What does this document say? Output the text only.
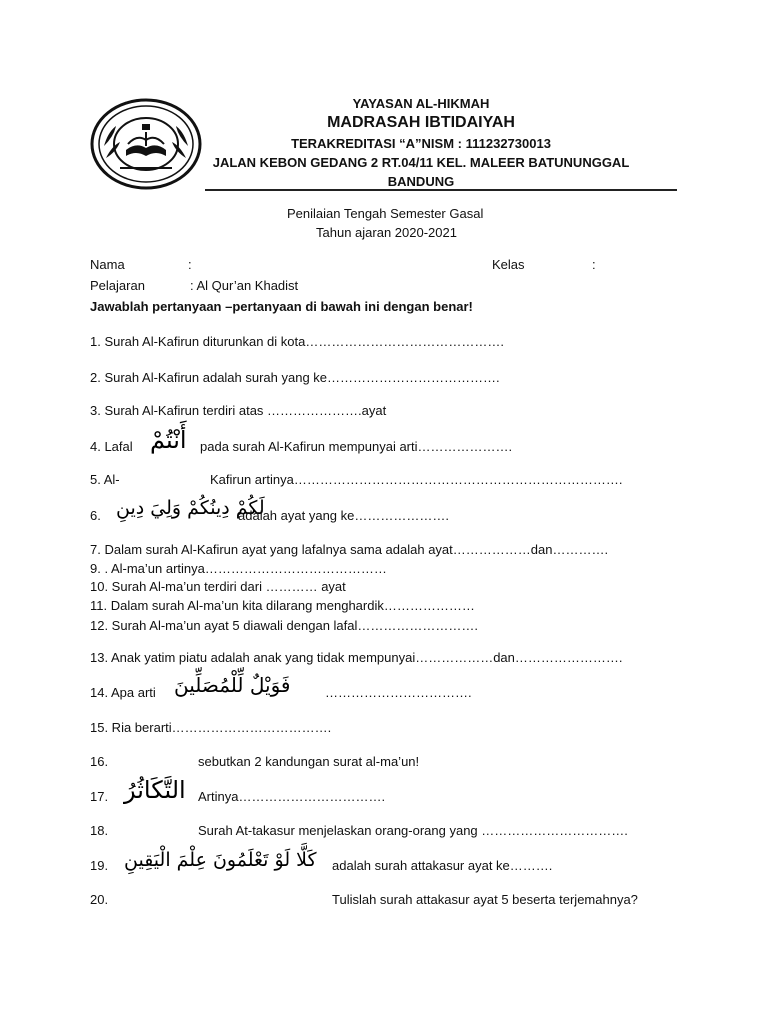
YAYASAN AL-HIKMAH
MADRASAH IBTIDAIYAH
TERAKREDITASI “A”NISM : 111232730013
JALAN KEBON GEDANG 2 RT.04/11 KEL. MALEER BATUNUNGGAL
BANDUNG
Penilaian Tengah Semester Gasal
Tahun ajaran 2020-2021
Nama	:	Kelas	:
Pelajaran	: Al Qur’an Khadist
Jawablah pertanyaan –pertanyaan di bawah ini dengan benar!
1. Surah Al-Kafirun diturunkan di kota……………………………………….
2. Surah Al-Kafirun adalah surah yang ke………………………………….
3. Surah Al-Kafirun terdiri atas ………………….ayat
4. Lafal أَنْتُمْ pada surah Al-Kafirun mempunyai arti………………….
5. Al-	Kafirun artinya………………………………………………………………….
6. لَكُمْ دِينُكُمْ وَلِيَ دِينِ
adalah ayat yang ke………………….
7. Dalam surah Al-Kafirun ayat yang lafalnya sama adalah ayat………………dan………….
9. . Al-ma’un artinya……………………………………
10. Surah Al-ma’un terdiri dari ………… ayat
11. Dalam surah Al-ma’un kita dilarang menghardik…………………
12. Surah Al-ma’un ayat 5 diawali dengan lafal……………………….
13. Anak yatim piatu adalah anak yang tidak mempunyai………………dan…………………….
14. Apa arti فَوَيْلٌ لِّلْمُصَلِّينَ	…………………………….
15. Ria berarti……………………………….
16.	sebutkan 2 kandungan surat al-ma’un!
17. التَّكَاثُرُ Artinya…………………………….
18.	Surah At-takasur menjelaskan orang-orang yang …………………………….
19. كَلَّا لَوْ تَعْلَمُونَ عِلْمَ الْيَقِينِ adalah surah attakasur ayat ke……….
20.	Tulislah surah attakasur ayat 5 beserta terjemahnya?
